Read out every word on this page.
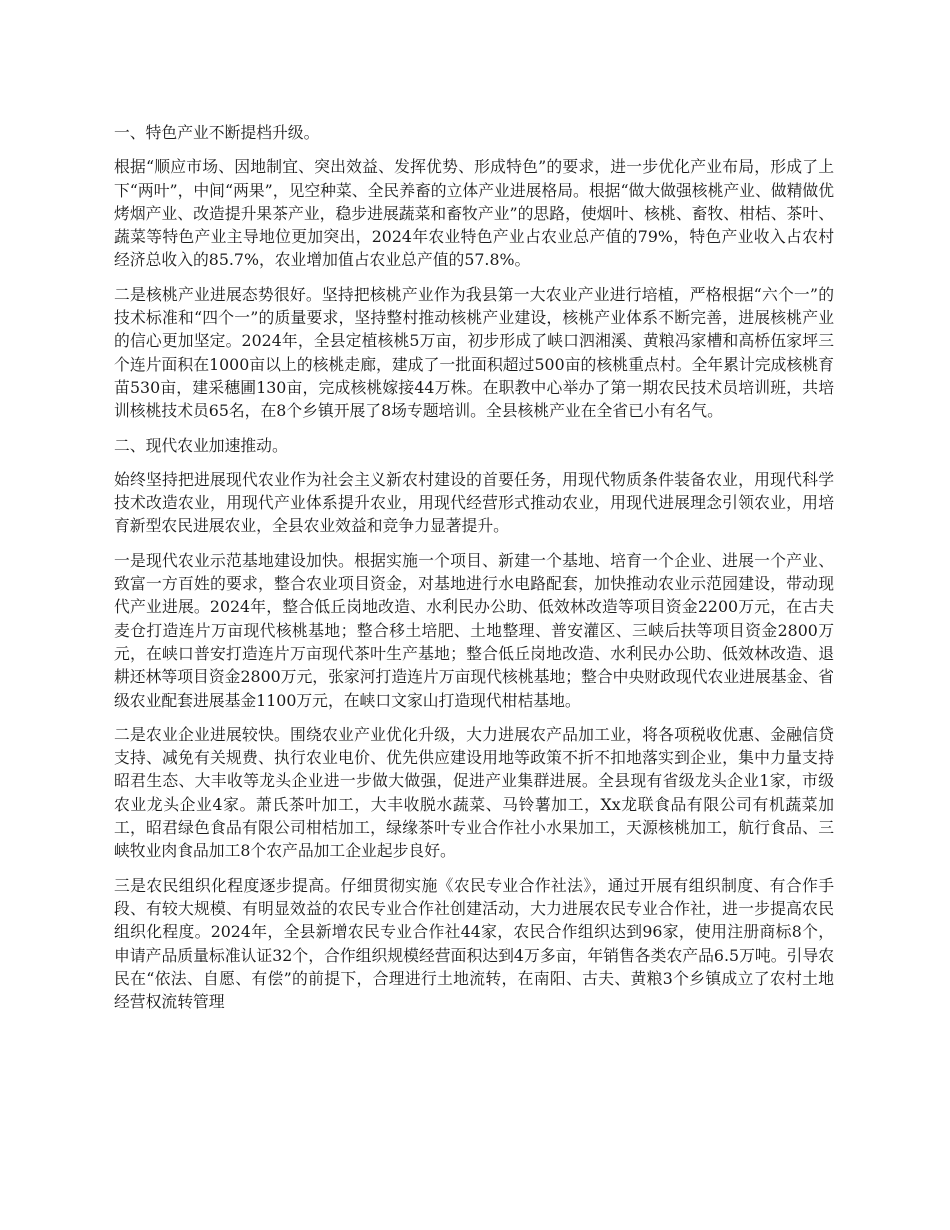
一、特色产业不断提档升级。

根据“顺应市场、因地制宜、突出效益、发挥优势、形成特色”的要求，进一步优化产业布局，形成了上下“两叶”，中间“两果”，见空种菜、全民养畜的立体产业进展格局。根据“做大做强核桃产业、做精做优烤烟产业、改造提升果茶产业，稳步进展蔬菜和畜牧产业”的思路，使烟叶、核桃、畜牧、柑桔、茶叶、蔬菜等特色产业主导地位更加突出，2024年农业特色产业占农业总产值的79%，特色产业收入占农村经济总收入的85.7%，农业增加值占农业总产值的57.8%。

二是核桃产业进展态势很好。坚持把核桃产业作为我县第一大农业产业进行培植，严格根据“六个一”的技术标准和“四个一”的质量要求，坚持整村推动核桃产业建设，核桃产业体系不断完善，进展核桃产业的信心更加坚定。2024年，全县定植核桃5万亩，初步形成了峡口泗湘溪、黄粮冯家槽和高桥伍家坪三个连片面积在1000亩以上的核桃走廊，建成了一批面积超过500亩的核桃重点村。全年累计完成核桃育苗530亩，建采穗圃130亩，完成核桃嫁接44万株。在职教中心举办了第一期农民技术员培训班，共培训核桃技术员65名，在8个乡镇开展了8场专题培训。全县核桃产业在全省已小有名气。

二、现代农业加速推动。

始终坚持把进展现代农业作为社会主义新农村建设的首要任务，用现代物质条件装备农业，用现代科学技术改造农业，用现代产业体系提升农业，用现代经营形式推动农业，用现代进展理念引领农业，用培育新型农民进展农业，全县农业效益和竞争力显著提升。

一是现代农业示范基地建设加快。根据实施一个项目、新建一个基地、培育一个企业、进展一个产业、致富一方百姓的要求，整合农业项目资金，对基地进行水电路配套，加快推动农业示范园建设，带动现代产业进展。2024年，整合低丘岗地改造、水利民办公助、低效林改造等项目资金2200万元，在古夫麦仓打造连片万亩现代核桃基地；整合移土培肥、土地整理、普安灌区、三峡后扶等项目资金2800万元，在峡口普安打造连片万亩现代茶叶生产基地；整合低丘岗地改造、水利民办公助、低效林改造、退耕还林等项目资金2800万元，张家河打造连片万亩现代核桃基地；整合中央财政现代农业进展基金、省级农业配套进展基金1100万元，在峡口文家山打造现代柑桔基地。

二是农业企业进展较快。围绕农业产业优化升级，大力进展农产品加工业，将各项税收优惠、金融信贷支持、减免有关规费、执行农业电价、优先供应建设用地等政策不折不扣地落实到企业，集中力量支持昭君生态、大丰收等龙头企业进一步做大做强，促进产业集群进展。全县现有省级龙头企业1家，市级农业龙头企业4家。萧氏茶叶加工，大丰收脱水蔬菜、马铃薯加工，Xx龙联食品有限公司有机蔬菜加工，昭君绿色食品有限公司柑桔加工，绿缘茶叶专业合作社小水果加工，天源核桃加工，航行食品、三峡牧业肉食品加工8个农产品加工企业起步良好。

三是农民组织化程度逐步提高。仔细贯彻实施《农民专业合作社法》，通过开展有组织制度、有合作手段、有较大规模、有明显效益的农民专业合作社创建活动，大力进展农民专业合作社，进一步提高农民组织化程度。2024年，全县新增农民专业合作社44家，农民合作组织达到96家，使用注册商标8个，申请产品质量标准认证32个，合作组织规模经营面积达到4万多亩，年销售各类农产品6.5万吨。引导农民在“依法、自愿、有偿”的前提下，合理进行土地流转，在南阳、古夫、黄粮3个乡镇成立了农村土地经营权流转管理
